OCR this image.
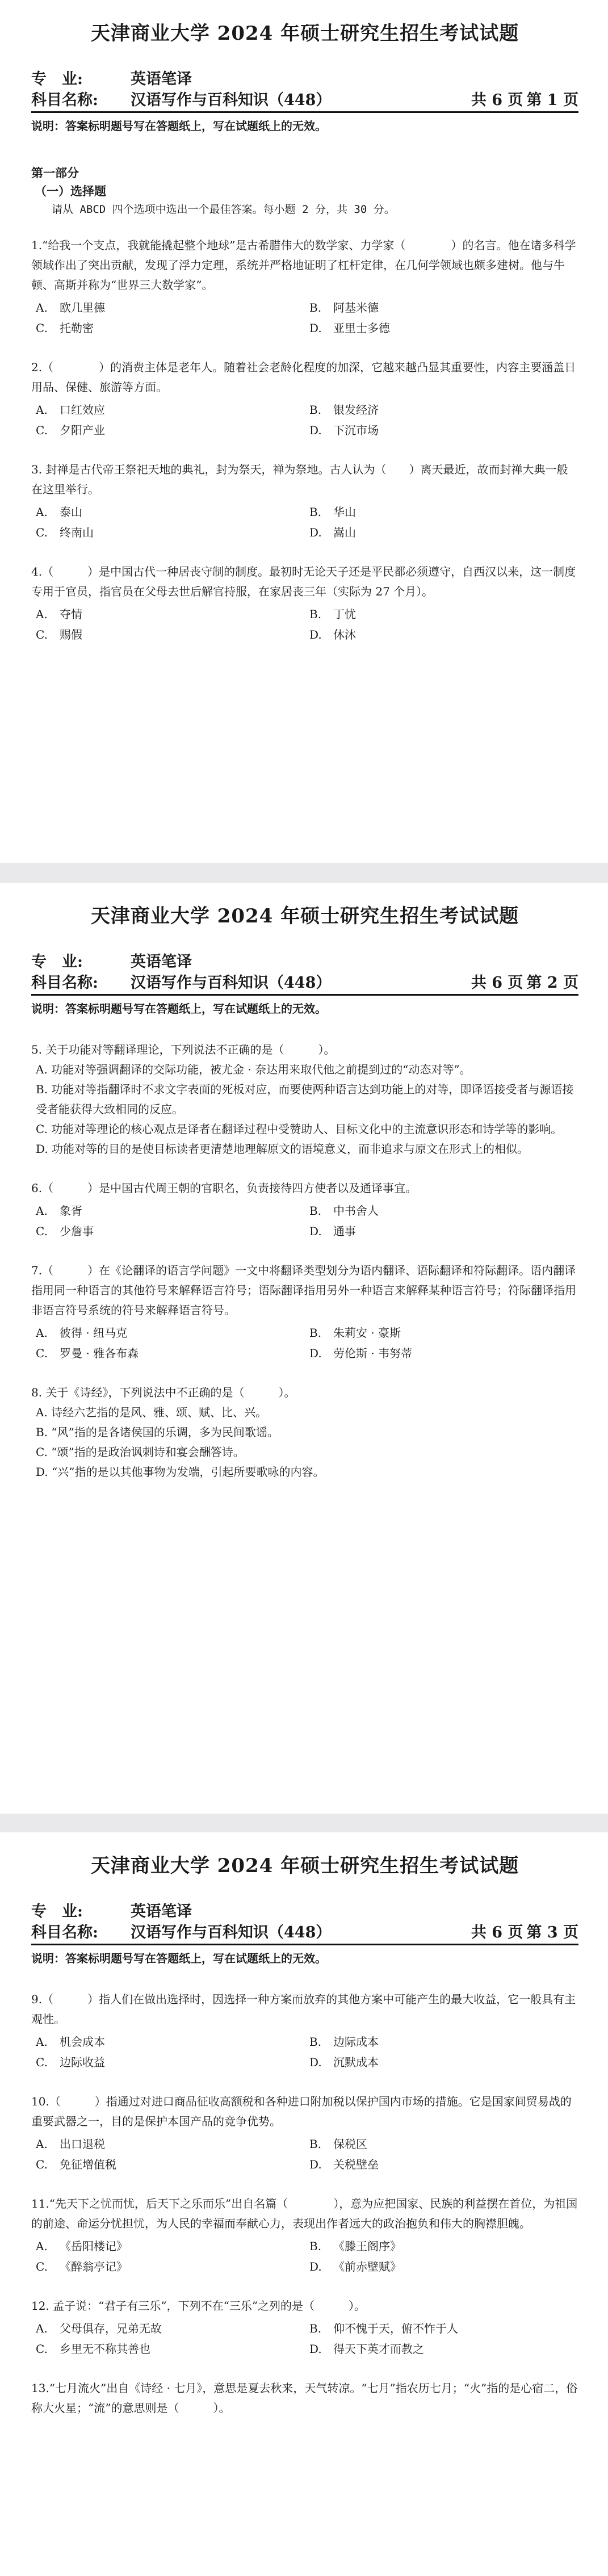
天津商业大学 2024 年硕士研究生招生考试试题
专　业:	英语笔译
科目名称: 汉语写作与百科知识（448）	共 6 页 第 1 页
说明：答案标明题号写在答题纸上，写在试题纸上的无效。
第一部分
（一）选择题
请从 ABCD 四个选项中选出一个最佳答案。每小题 2 分，共 30 分。

1.“给我一个支点，我就能撬起整个地球”是古希腊伟大的数学家、力学家（　　　　）的名言。他在诸多科学领域作出了突出贡献，发现了浮力定理，系统并严格地证明了杠杆定律，在几何学领域也颇多建树。他与牛顿、高斯并称为“世界三大数学家”。

A. 欧几里德	B. 阿基米德
C. 托勒密	D. 亚里士多德

2.（　　　　）的消费主体是老年人。随着社会老龄化程度的加深，它越来越凸显其重要性，内容主要涵盖日用品、保健、旅游等方面。

A. 口红效应	B. 银发经济
C. 夕阳产业	D. 下沉市场

3. 封禅是古代帝王祭祀天地的典礼，封为祭天，禅为祭地。古人认为（　　）离天最近，故而封禅大典一般在这里举行。

A. 泰山	B. 华山
C. 终南山	D. 嵩山

4.（　　　）是中国古代一种居丧守制的制度。最初时无论天子还是平民都必须遵守，自西汉以来，这一制度专用于官员，指官员在父母去世后解官持服，在家居丧三年（实际为 27 个月）。

A. 夺情	B. 丁忧
C. 赐假	D. 休沐
天津商业大学 2024 年硕士研究生招生考试试题
专　业:	英语笔译
科目名称: 汉语写作与百科知识（448）	共 6 页 第 2 页
说明：答案标明题号写在答题纸上，写在试题纸上的无效。

5. 关于功能对等翻译理论，下列说法不正确的是（　　　）。

A. 功能对等强调翻译的交际功能，被尤金 · 奈达用来取代他之前提到过的“动态对等”。
B. 功能对等指翻译时不求文字表面的死板对应，而要使两种语言达到功能上的对等，即译语接受者与源语接受者能获得大致相同的反应。
C. 功能对等理论的核心观点是译者在翻译过程中受赞助人、目标文化中的主流意识形态和诗学等的影响。
D. 功能对等的目的是使目标读者更清楚地理解原文的语境意义，而非追求与原文在形式上的相似。

6.（　　　）是中国古代周王朝的官职名，负责接待四方使者以及通译事宜。

A. 象胥	B. 中书舍人
C. 少詹事	D. 通事

7.（　　　）在《论翻译的语言学问题》一文中将翻译类型划分为语内翻译、语际翻译和符际翻译。语内翻译指用同一种语言的其他符号来解释语言符号；语际翻译指用另外一种语言来解释某种语言符号；符际翻译指用非语言符号系统的符号来解释语言符号。

A. 彼得 · 纽马克	B. 朱莉安 · 豪斯
C. 罗曼 · 雅各布森	D. 劳伦斯 · 韦努蒂

8. 关于《诗经》，下列说法中不正确的是（　　　）。

A. 诗经六艺指的是风、雅、颂、赋、比、兴。
B. “风”指的是各诸侯国的乐调，多为民间歌谣。
C. “颂”指的是政治讽刺诗和宴会酬答诗。
D. “兴”指的是以其他事物为发端，引起所要歌咏的内容。
天津商业大学 2024 年硕士研究生招生考试试题
专　业:	英语笔译
科目名称: 汉语写作与百科知识（448）	共 6 页 第 3 页
说明：答案标明题号写在答题纸上，写在试题纸上的无效。

9.（　　　）指人们在做出选择时，因选择一种方案而放弃的其他方案中可能产生的最大收益，它一般具有主观性。

A. 机会成本	B. 边际成本
C. 边际收益	D. 沉默成本

10.（　　　）指通过对进口商品征收高额税和各种进口附加税以保护国内市场的措施。它是国家间贸易战的重要武器之一，目的是保护本国产品的竞争优势。

A. 出口退税	B. 保税区
C. 免征增值税	D. 关税壁垒

11.“先天下之忧而忧，后天下之乐而乐”出自名篇（　　　　），意为应把国家、民族的利益摆在首位，为祖国的前途、命运分忧担忧，为人民的幸福而奉献心力，表现出作者远大的政治抱负和伟大的胸襟胆魄。

A. 《岳阳楼记》	B. 《滕王阁序》
C. 《醉翁亭记》	D. 《前赤壁赋》

12. 孟子说：“君子有三乐”，下列不在“三乐”之列的是（　　　）。

A. 父母俱存，兄弟无故	B. 仰不愧于天，俯不怍于人
C. 乡里无不称其善也	D. 得天下英才而教之

13.“七月流火”出自《诗经 · 七月》，意思是夏去秋来，天气转凉。“七月”指农历七月；“火”指的是心宿二，俗称大火星；“流”的意思则是（　　　）。
